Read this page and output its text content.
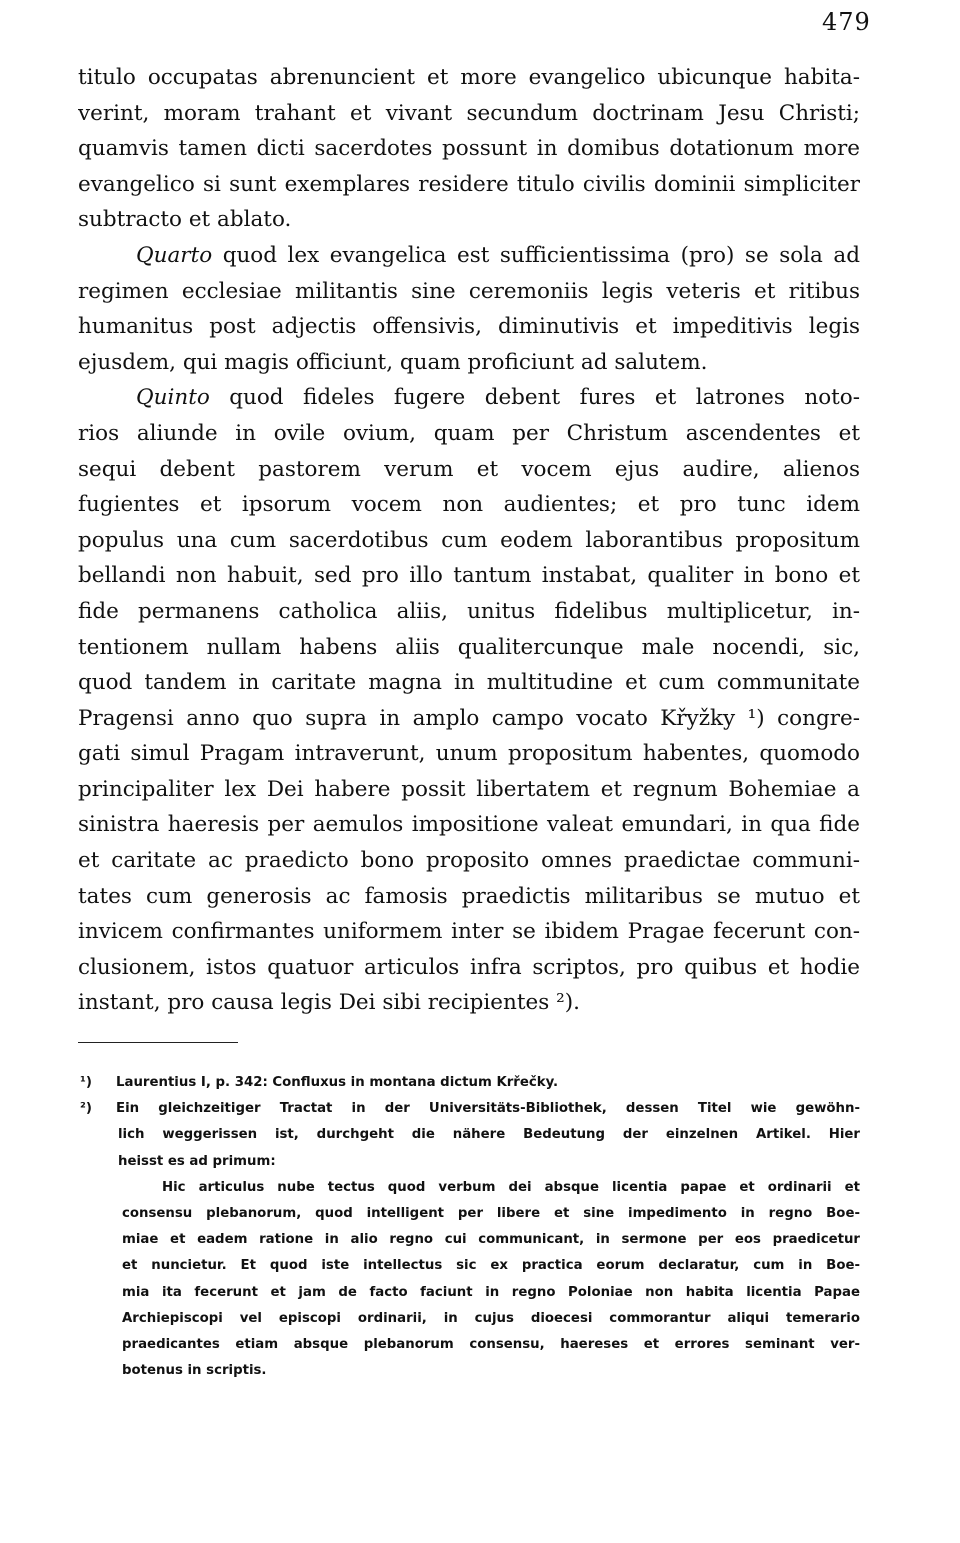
479
titulo occupatas abrenuncient et more evangelico ubicunque habita-
verint, moram trahant et vivant secundum doctrinam Jesu Christi;
quamvis tamen dicti sacerdotes possunt in domibus dotationum more
evangelico si sunt exemplares residere titulo civilis dominii simpliciter
subtracto et ablato.
Quarto quod lex evangelica est sufficientissima (pro) se sola ad
regimen ecclesiae militantis sine ceremoniis legis veteris et ritibus
humanitus post adjectis offensivis, diminutivis et impeditivis legis
ejusdem, qui magis officiunt, quam proficiunt ad salutem.
Quinto quod fideles fugere debent fures et latrones noto-
rios aliunde in ovile ovium, quam per Christum ascendentes et
sequi debent pastorem verum et vocem ejus audire, alienos
fugientes et ipsorum vocem non audientes; et pro tunc idem
populus una cum sacerdotibus cum eodem laborantibus propositum
bellandi non habuit, sed pro illo tantum instabat, qualiter in bono et
fide permanens catholica aliis, unitus fidelibus multiplicetur, in-
tentionem nullam habens aliis qualitercunque male nocendi, sic,
quod tandem in caritate magna in multitudine et cum communitate
Pragensi anno quo supra in amplo campo vocato Křyžky ¹) congre-
gati simul Pragam intraverunt, unum propositum habentes, quomodo
principaliter lex Dei habere possit libertatem et regnum Bohemiae a
sinistra haeresis per aemulos impositione valeat emundari, in qua fide
et caritate ac praedicto bono proposito omnes praedictae communi-
tates cum generosis ac famosis praedictis militaribus se mutuo et
invicem confirmantes uniformem inter se ibidem Pragae fecerunt con-
clusionem, istos quatuor articulos infra scriptos, pro quibus et hodie
instant, pro causa legis Dei sibi recipientes ²).
¹) Laurentius I, p. 342: Confluxus in montana dictum Krřečky.
²) Ein gleichzeitiger Tractat in der Universitäts-Bibliothek, dessen Titel wie gewöhn-
lich weggerissen ist, durchgeht die nähere Bedeutung der einzelnen Artikel. Hier
heisst es ad primum:
Hic articulus nube tectus quod verbum dei absque licentia papae et ordinarii et
consensu plebanorum, quod intelligent per libere et sine impedimento in regno Boe-
miae et eadem ratione in alio regno cui communicant, in sermone per eos praedicetur
et nuncietur. Et quod iste intellectus sic ex practica eorum declaratur, cum in Boe-
mia ita fecerunt et jam de facto faciunt in regno Poloniae non habita licentia Papae
Archiepiscopi vel episcopi ordinarii, in cujus dioecesi commorantur aliqui temerario
praedicantes etiam absque plebanorum consensu, haereses et errores seminant ver-
botenus in scriptis.
